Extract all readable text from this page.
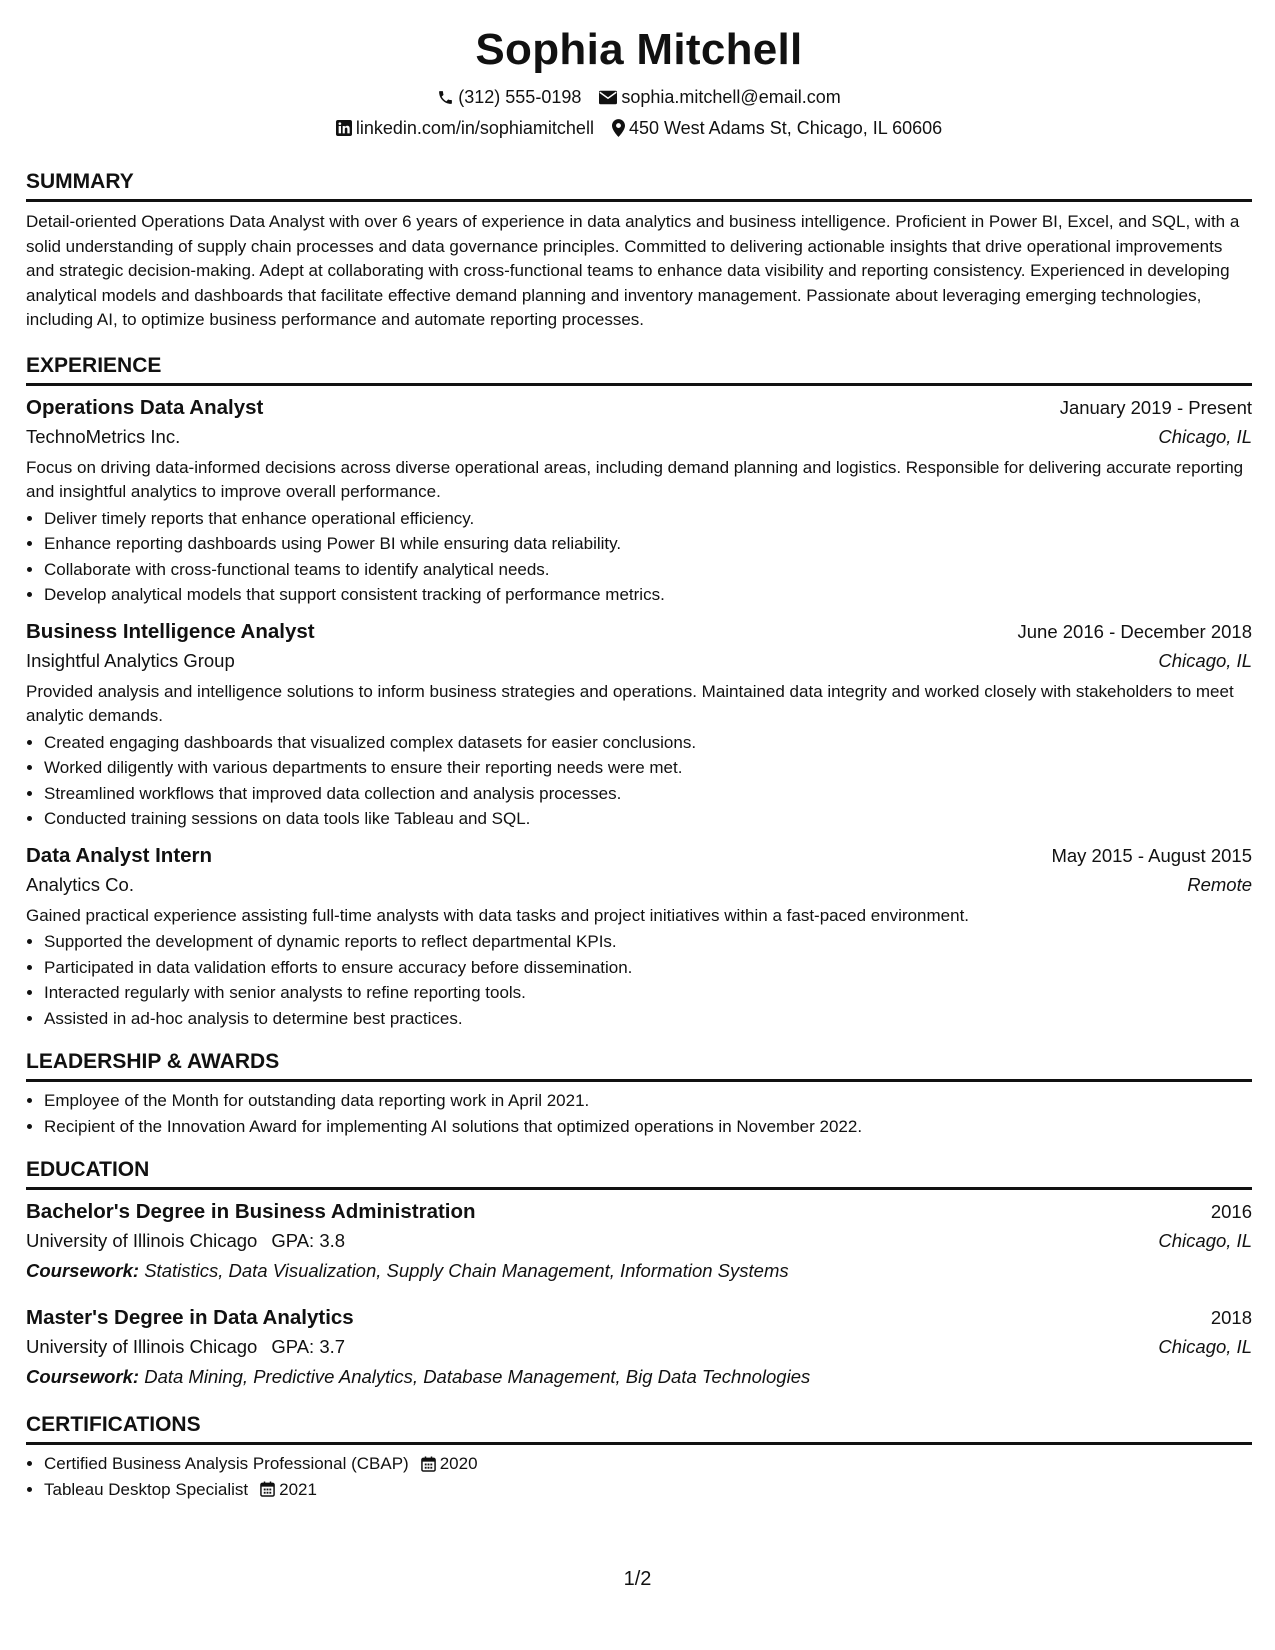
Sophia Mitchell
(312) 555-0198 sophia.mitchell@email.com
linkedin.com/in/sophiamitchell 450 West Adams St, Chicago, IL 60606
SUMMARY
Detail-oriented Operations Data Analyst with over 6 years of experience in data analytics and business intelligence. Proficient in Power BI, Excel, and SQL, with a solid understanding of supply chain processes and data governance principles. Committed to delivering actionable insights that drive operational improvements and strategic decision-making. Adept at collaborating with cross-functional teams to enhance data visibility and reporting consistency. Experienced in developing analytical models and dashboards that facilitate effective demand planning and inventory management. Passionate about leveraging emerging technologies, including AI, to optimize business performance and automate reporting processes.
EXPERIENCE
Operations Data Analyst	January 2019 - Present
TechnoMetrics Inc.	Chicago, IL
Focus on driving data-informed decisions across diverse operational areas, including demand planning and logistics. Responsible for delivering accurate reporting and insightful analytics to improve overall performance.
• Deliver timely reports that enhance operational efficiency.
• Enhance reporting dashboards using Power BI while ensuring data reliability.
• Collaborate with cross-functional teams to identify analytical needs.
• Develop analytical models that support consistent tracking of performance metrics.
Business Intelligence Analyst	June 2016 - December 2018
Insightful Analytics Group	Chicago, IL
Provided analysis and intelligence solutions to inform business strategies and operations. Maintained data integrity and worked closely with stakeholders to meet analytic demands.
• Created engaging dashboards that visualized complex datasets for easier conclusions.
• Worked diligently with various departments to ensure their reporting needs were met.
• Streamlined workflows that improved data collection and analysis processes.
• Conducted training sessions on data tools like Tableau and SQL.
Data Analyst Intern	May 2015 - August 2015
Analytics Co.	Remote
Gained practical experience assisting full-time analysts with data tasks and project initiatives within a fast-paced environment.
• Supported the development of dynamic reports to reflect departmental KPIs.
• Participated in data validation efforts to ensure accuracy before dissemination.
• Interacted regularly with senior analysts to refine reporting tools.
• Assisted in ad-hoc analysis to determine best practices.
LEADERSHIP & AWARDS
• Employee of the Month for outstanding data reporting work in April 2021.
• Recipient of the Innovation Award for implementing AI solutions that optimized operations in November 2022.
EDUCATION
Bachelor's Degree in Business Administration	2016
University of Illinois Chicago GPA: 3.8	Chicago, IL
Coursework: Statistics, Data Visualization, Supply Chain Management, Information Systems
Master's Degree in Data Analytics	2018
University of Illinois Chicago GPA: 3.7	Chicago, IL
Coursework: Data Mining, Predictive Analytics, Database Management, Big Data Technologies
CERTIFICATIONS
• Certified Business Analysis Professional (CBAP) 2020
• Tableau Desktop Specialist 2021
1/2
